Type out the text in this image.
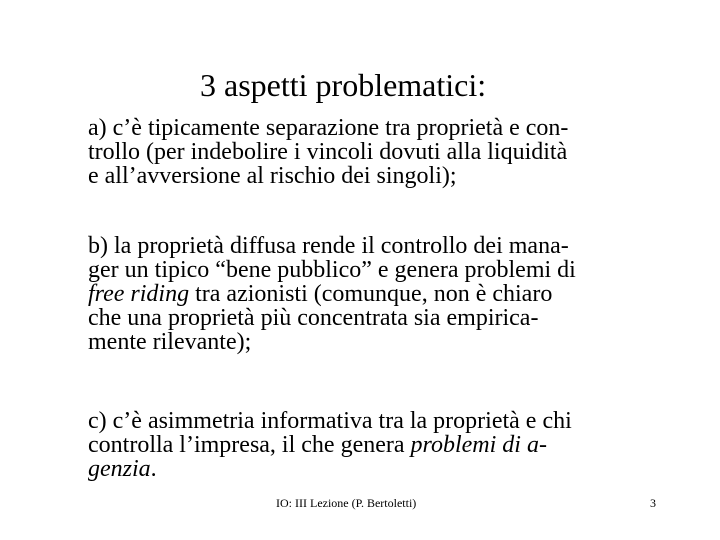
3 aspetti problematici:
a) c’è tipicamente separazione tra proprietà e con-
trollo (per indebolire i vincoli dovuti alla liquidità
e all’avversione al rischio dei singoli);
b) la proprietà diffusa rende il controllo dei mana-
ger un tipico “bene pubblico” e genera problemi di
free riding tra azionisti (comunque, non è chiaro
che una proprietà più concentrata sia empirica-
mente rilevante);
c) c’è asimmetria informativa tra la proprietà e chi
controlla l’impresa, il che genera problemi di a-
genzia.
IO: III Lezione (P. Bertoletti)	3
